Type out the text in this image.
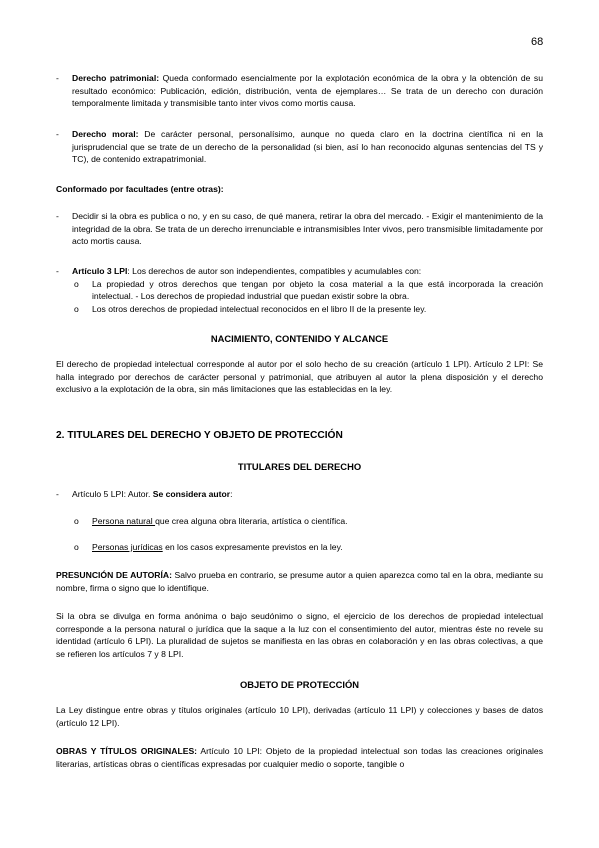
68
-	Derecho patrimonial: Queda conformado esencialmente por la explotación económica de la obra y la obtención de su resultado económico: Publicación, edición, distribución, venta de ejemplares… Se trata de un derecho con duración temporalmente limitada y transmisible tanto inter vivos como mortis causa.

-	Derecho moral: De carácter personal, personalísimo, aunque no queda claro en la doctrina científica ni en la jurisprudencial que se trate de un derecho de la personalidad (si bien, así lo han reconocido algunas sentencias del TS y TC), de contenido extrapatrimonial.

Conformado por facultades (entre otras):
-	Decidir si la obra es publica o no, y en su caso, de qué manera, retirar la obra del mercado. - Exigir el mantenimiento de la integridad de la obra. Se trata de un derecho irrenunciable e intransmisibles Inter vivos, pero transmisible limitadamente por acto mortis causa.

-	Artículo 3 LPI: Los derechos de autor son independientes, compatibles y acumulables con:

o La propiedad y otros derechos que tengan por objeto la cosa material a la que está incorporada la creación intelectual. - Los derechos de propiedad industrial que puedan existir sobre la obra.

o Los otros derechos de propiedad intelectual reconocidos en el libro II de la presente ley.

NACIMIENTO, CONTENIDO Y ALCANCE

El derecho de propiedad intelectual corresponde al autor por el solo hecho de su creación (artículo 1 LPI). Artículo 2 LPI: Se halla integrado por derechos de carácter personal y patrimonial, que atribuyen al autor la plena disposición y el derecho exclusivo a la explotación de la obra, sin más limitaciones que las establecidas en la ley.

2. TITULARES DEL DERECHO Y OBJETO DE PROTECCIÓN
TITULARES DEL DERECHO
-	Artículo 5 LPI: Autor. Se considera autor:

o Persona natural que crea alguna obra literaria, artística o científica.

o Personas jurídicas en los casos expresamente previstos en la ley.

PRESUNCIÓN DE AUTORÍA: Salvo prueba en contrario, se presume autor a quien aparezca como tal en la obra, mediante su nombre, firma o signo que lo identifique.

Si la obra se divulga en forma anónima o bajo seudónimo o signo, el ejercicio de los derechos de propiedad intelectual corresponde a la persona natural o jurídica que la saque a la luz con el consentimiento del autor, mientras éste no revele su identidad (artículo 6 LPI). La pluralidad de sujetos se manifiesta en las obras en colaboración y en las obras colectivas, a que se refieren los artículos 7 y 8 LPI.

OBJETO DE PROTECCIÓN

La Ley distingue entre obras y títulos originales (artículo 10 LPI), derivadas (artículo 11 LPI) y colecciones y bases de datos (artículo 12 LPI).

OBRAS Y TÍTULOS ORIGINALES: Artículo 10 LPI: Objeto de la propiedad intelectual son todas las creaciones originales literarias, artísticas obras o científicas expresadas por cualquier medio o soporte, tangible o
